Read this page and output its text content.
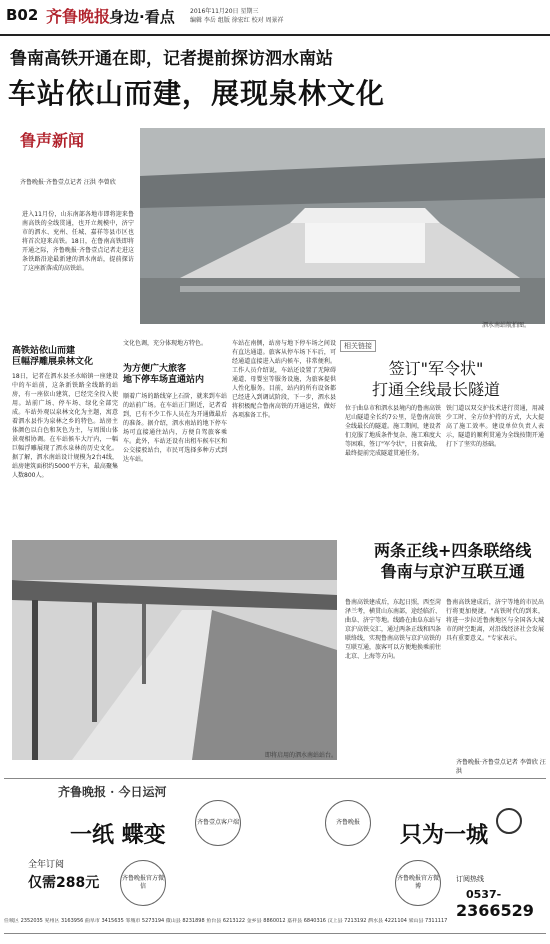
B02 齐鲁晚报
身边·看点	2016年11月20日 星期三
编辑 李岳 组版 徐宏红 校对 周景祥
鲁南高铁开通在即，记者提前探访泗水南站
车站依山而建，展现泉林文化
鲁声新闻
齐鲁晚报·齐鲁壹点记者 汪洪 李曾欣
泗水南站航拍图。
进入11月份，山东南部各地市即将迎来鲁南高铁的全线贯通，也开立规模中，济宁市的泗水、兖州、任城、嘉祥等县市区也将首次迎来高铁。18日，在鲁南高铁即将开通之际，齐鲁晚报·齐鲁壹点记者走进这条铁路沿途最新建的泗水南站，提前探访了这座新落成的高铁站。
高铁站依山而建
巨幅浮雕展泉林文化
18日，记者在泗水县圣水峪镇一座建设中的车站前，这条新铁路全线路的站房，有一座依山建筑，已经完全投入使用。站前广场、停车场、绿化全部完成。车站外观以泉林文化为主题，寓意着泗水县作为泉林之乡的特色。站房主体颜色以白色和灰色为主，与周围山体景观相协调。在车站候车大厅内，一幅巨幅浮雕展现了泗水泉林的历史文化。据了解，泗水南站设计规模为2台4线，站房建筑面积约5000平方米，最高聚集人数800人。
文化色调，充分体现地方特色。
为方便广大旅客
地下停车场直通站内
顺着广场的路线穿上石阶，就来到车站的站前广场。在车站正门附近，记者看到，已有不少工作人员在为开通做最后的准备。据介绍，泗水南站的地下停车场可直接通往站内，方便自驾旅客乘车。此外，车站还设有出租车候车区和公交接驳站台，市民可选择多种方式到达车站。
车站在南侧，站房与地下停车场之间设有直达通道。旅客从停车场下车后，可经通道直接进入站内候车，非常便利。工作人员介绍说，车站还设置了无障碍通道、母婴室等服务设施，为旅客提供人性化服务。目前，站内的所有设备都已经进入到调试阶段，下一步，泗水县将积极配合鲁南高铁的开通运营，做好各项准备工作。
即将启用的泗水南站站台。
相关链接
签订"军令状"
打通全线最长隧道
位于曲阜市和泗水县境内的鲁南高铁尼山隧道全长约7公里，是鲁南高铁全线最长的隧道。施工期间，建设者们克服了地质条件复杂、施工难度大等困难，签订"军令状"，日夜奋战，最终提前完成隧道贯通任务。
铁门道以双交护技术进行贯通，用减少工时、全方位护持的方式，大大提高了施工效率。建设单位负责人表示，隧道的顺利贯通为全线按期开通打下了坚实的基础。
两条正线+四条联络线
鲁南与京沪互联互通
鲁南高铁建成后，东起日照，西至菏泽兰考，横贯山东南部，途经临沂、曲阜、济宁等地。线路在曲阜东站与京沪高铁交汇，通过两条正线和四条联络线，实现鲁南高铁与京沪高铁的互联互通，旅客可以方便地换乘前往北京、上海等方向。
鲁南高铁建成后，济宁等地的市民出行将更加便捷。"高铁时代的到来，将进一步拉近鲁南地区与全国各大城市的时空距离，对沿线经济社会发展具有重要意义。"专家表示。
齐鲁晚报·齐鲁壹点记者 李曾欣 汪洪
齐鲁晚报 · 今日运河
一纸 蝶变	只为一城
全年订阅
仅需288元
齐鲁壹点客户端	齐鲁晚报
齐鲁晚报官方微信
齐鲁晚报官方微博
订阅热线
0537-
2366529
任城区 2352035 兖州区 3163956 曲阜市 3415635 邹城市 5273194 微山县 8231898 鱼台县 6213122 金乡县 8860012 嘉祥县 6840316 汶上县 7213192 泗水县 4221104 梁山县 7311117
